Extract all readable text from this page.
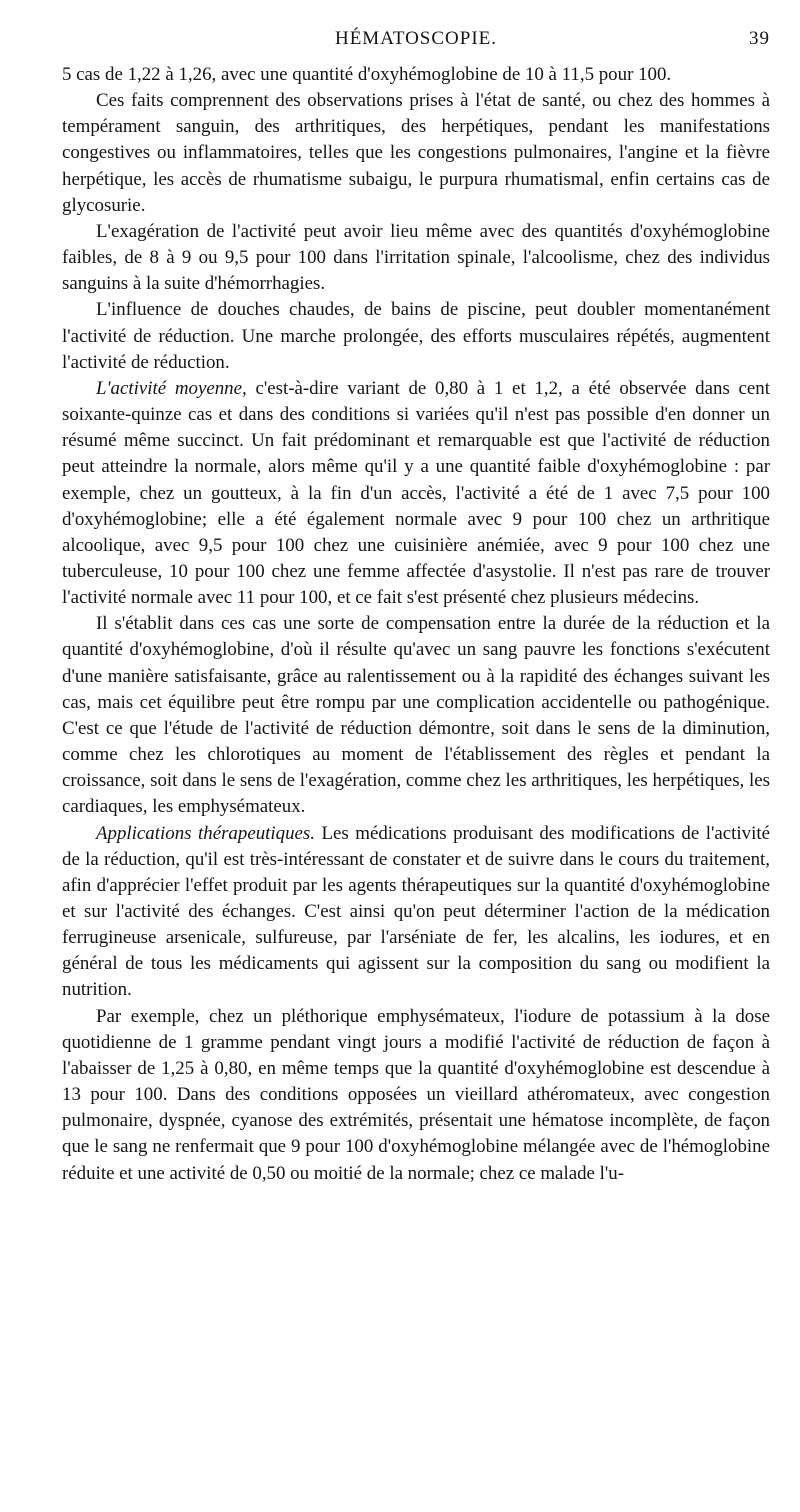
HÉMATOSCOPIE.	39

5 cas de 1,22 à 1,26, avec une quantité d'oxyhémoglobine de 10 à 11,5 pour 100.

Ces faits comprennent des observations prises à l'état de santé, ou chez des hommes à tempérament sanguin, des arthritiques, des herpétiques, pendant les manifestations congestives ou inflammatoires, telles que les congestions pulmonaires, l'angine et la fièvre herpétique, les accès de rhumatisme subaigu, le purpura rhumatismal, enfin certains cas de glycosurie.

L'exagération de l'activité peut avoir lieu même avec des quantités d'oxyhémoglobine faibles, de 8 à 9 ou 9,5 pour 100 dans l'irritation spinale, l'alcoolisme, chez des individus sanguins à la suite d'hémorrhagies.

L'influence de douches chaudes, de bains de piscine, peut doubler momentanément l'activité de réduction. Une marche prolongée, des efforts musculaires répétés, augmentent l'activité de réduction.

L'activité moyenne, c'est-à-dire variant de 0,80 à 1 et 1,2, a été observée dans cent soixante-quinze cas et dans des conditions si variées qu'il n'est pas possible d'en donner un résumé même succinct. Un fait prédominant et remarquable est que l'activité de réduction peut atteindre la normale, alors même qu'il y a une quantité faible d'oxyhémoglobine : par exemple, chez un goutteux, à la fin d'un accès, l'activité a été de 1 avec 7,5 pour 100 d'oxyhémoglobine; elle a été également normale avec 9 pour 100 chez un arthritique alcoolique, avec 9,5 pour 100 chez une cuisinière anémiée, avec 9 pour 100 chez une tuberculeuse, 10 pour 100 chez une femme affectée d'asystolie. Il n'est pas rare de trouver l'activité normale avec 11 pour 100, et ce fait s'est présenté chez plusieurs médecins.

Il s'établit dans ces cas une sorte de compensation entre la durée de la réduction et la quantité d'oxyhémoglobine, d'où il résulte qu'avec un sang pauvre les fonctions s'exécutent d'une manière satisfaisante, grâce au ralentissement ou à la rapidité des échanges suivant les cas, mais cet équilibre peut être rompu par une complication accidentelle ou pathogénique. C'est ce que l'étude de l'activité de réduction démontre, soit dans le sens de la diminution, comme chez les chlorotiques au moment de l'établissement des règles et pendant la croissance, soit dans le sens de l'exagération, comme chez les arthritiques, les herpétiques, les cardiaques, les emphysémateux.

Applications thérapeutiques. Les médications produisant des modifications de l'activité de la réduction, qu'il est très-intéressant de constater et de suivre dans le cours du traitement, afin d'apprécier l'effet produit par les agents thérapeutiques sur la quantité d'oxyhémoglobine et sur l'activité des échanges. C'est ainsi qu'on peut déterminer l'action de la médication ferrugineuse arsenicale, sulfureuse, par l'arséniate de fer, les alcalins, les iodures, et en général de tous les médicaments qui agissent sur la composition du sang ou modifient la nutrition.

Par exemple, chez un pléthorique emphysémateux, l'iodure de potassium à la dose quotidienne de 1 gramme pendant vingt jours a modifié l'activité de réduction de façon à l'abaisser de 1,25 à 0,80, en même temps que la quantité d'oxyhémoglobine est descendue à 13 pour 100. Dans des conditions opposées un vieillard athéromateux, avec congestion pulmonaire, dyspnée, cyanose des extrémités, présentait une hématose incomplète, de façon que le sang ne renfermait que 9 pour 100 d'oxyhémoglobine mélangée avec de l'hémoglobine réduite et une activité de 0,50 ou moitié de la normale; chez ce malade l'u-
